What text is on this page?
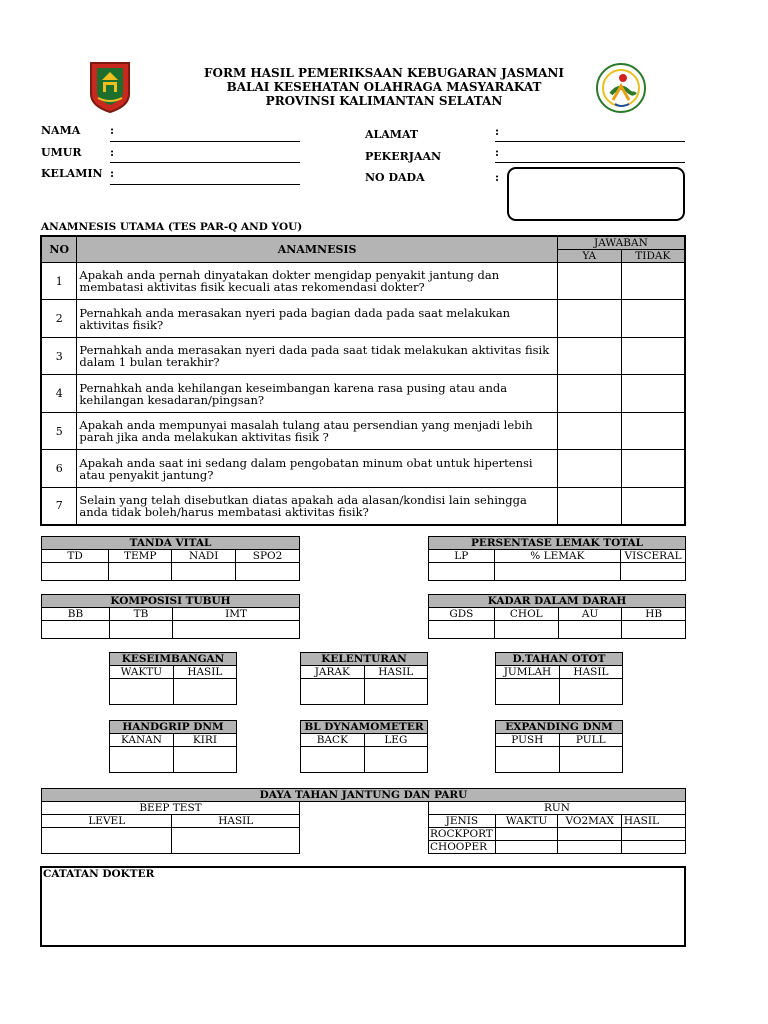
FORM HASIL PEMERIKSAAN KEBUGARAN JASMANI
BALAI KESEHATAN OLAHRAGA MASYARAKAT
PROVINSI KALIMANTAN SELATAN
NAMA	:
UMUR	:
KELAMIN :
ALAMAT	:
PEKERJAAN	:
NO DADA	:
ANAMNESIS UTAMA (TES PAR-Q AND YOU)
NO	ANAMNESIS	JAWABAN	
		YA	TIDAK
1	Apakah anda pernah dinyatakan dokter mengidap penyakit jantung dan
membatasi aktivitas fisik kecuali atas rekomendasi dokter?		

2	Pernahkah anda merasakan nyeri pada bagian dada pada saat melakukan
aktivitas fisik?		

3	Pernahkah anda merasakan nyeri dada pada saat tidak melakukan aktivitas fisik
dalam 1 bulan terakhir?		

4	Pernahkah anda kehilangan keseimbangan karena rasa pusing atau anda
kehilangan kesadaran/pingsan?		

5	Apakah anda mempunyai masalah tulang atau persendian yang menjadi lebih
parah jika anda melakukan aktivitas fisik ?		

6	Apakah anda saat ini sedang dalam pengobatan minum obat untuk hipertensi
atau penyakit jantung?		

7	Selain yang telah disebutkan diatas apakah ada alasan/kondisi lain sehingga
anda tidak boleh/harus membatasi aktivitas fisik?		

TANDA VITAL			
TD	TEMP	NADI	SPO2

PERSENTASE LEMAK TOTAL		
LP	% LEMAK	VISCERAL

KOMPOSISI TUBUH		
BB	TB	IMT

KADAR DALAM DARAH			
GDS	CHOL	AU	HB

KESEIMBANGAN	
WAKTU	HASIL

KELENTURAN	
JARAK	HASIL

D.TAHAN OTOT	
JUMLAH	HASIL

HANDGRIP DNM	
KANAN	KIRI

BL DYNAMOMETER	
BACK	LEG

EXPANDING DNM	
PUSH	PULL

DAYA TAHAN JANTUNG DAN PARU
BEEP TEST	
LEVEL	HASIL

RUN			
JENIS	WAKTU	VO2MAX	HASIL
ROCKPORT			
CHOOPER			
CATATAN DOKTER
